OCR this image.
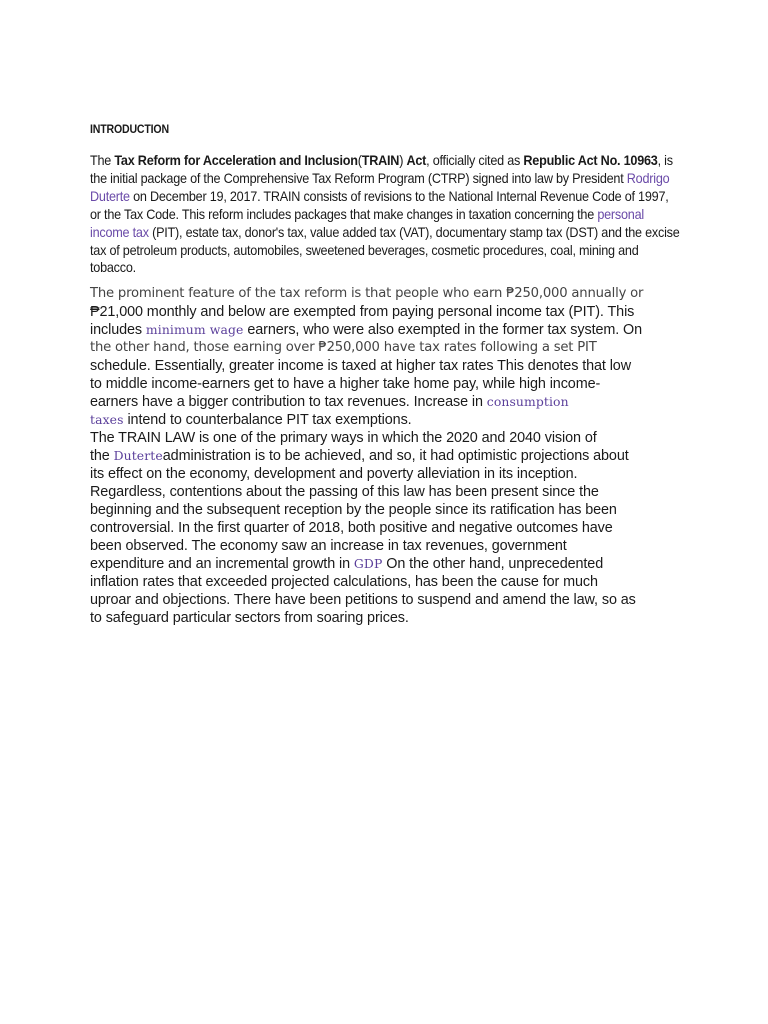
INTRODUCTION

The Tax Reform for Acceleration and Inclusion(TRAIN) Act, officially cited as Republic Act No. 10963, is the initial package of the Comprehensive Tax Reform Program (CTRP) signed into law by President Rodrigo Duterte on December 19, 2017. TRAIN consists of revisions to the National Internal Revenue Code of 1997, or the Tax Code. This reform includes packages that make changes in taxation concerning the personal income tax (PIT), estate tax, donor's tax, value added tax (VAT), documentary stamp tax (DST) and the excise tax of petroleum products, automobiles, sweetened beverages, cosmetic procedures, coal, mining and tobacco.

The prominent feature of the tax reform is that people who earn ₱250,000 annually or
₱21,000 monthly and below are exempted from paying personal income tax (PIT). This
includes minimum wage earners, who were also exempted in the former tax system. On
the other hand, those earning over ₱250,000 have tax rates following a set PIT
schedule. Essentially, greater income is taxed at higher tax rates This denotes that low
to middle income-earners get to have a higher take home pay, while high income-
earners have a bigger contribution to tax revenues. Increase in consumption
taxes intend to counterbalance PIT tax exemptions.
The TRAIN LAW is one of the primary ways in which the 2020 and 2040 vision of
the Duterteadministration is to be achieved, and so, it had optimistic projections about
its effect on the economy, development and poverty alleviation in its inception.
Regardless, contentions about the passing of this law has been present since the
beginning and the subsequent reception by the people since its ratification has been
controversial. In the first quarter of 2018, both positive and negative outcomes have
been observed. The economy saw an increase in tax revenues, government
expenditure and an incremental growth in GDP On the other hand, unprecedented
inflation rates that exceeded projected calculations, has been the cause for much
uproar and objections. There have been petitions to suspend and amend the law, so as
to safeguard particular sectors from soaring prices.
